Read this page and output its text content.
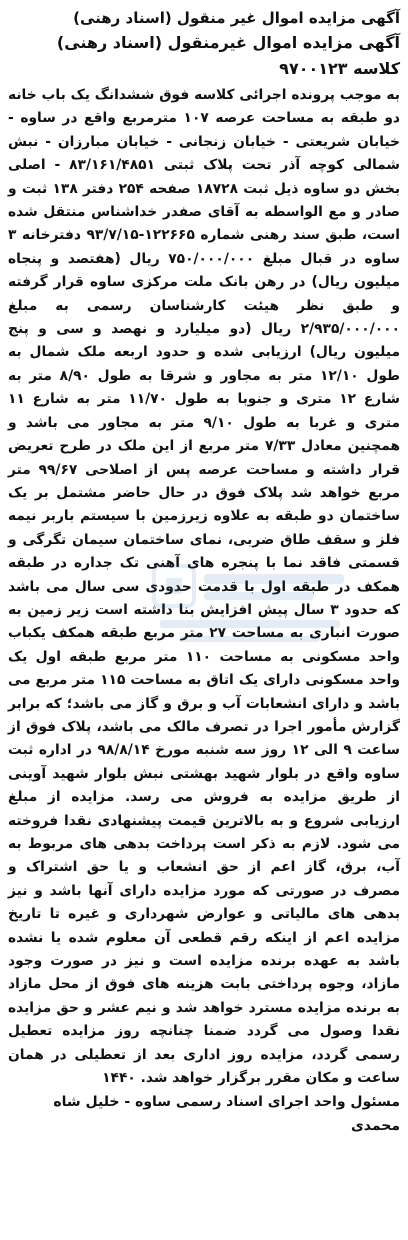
آگهی مزایده اموال غیر منقول (اسناد رهنی)

آگهی مزایده اموال غیرمنقول (اسناد رهنی) کلاسه ۹۷۰۰۱۲۳

به موجب پرونده اجرائی کلاسه فوق ششدانگ یک باب خانه دو طبقه به مساحت عرصه ۱۰۷ مترمربع واقع در ساوه - خیابان شریعتی - خیابان زنجانی - خیابان مبارزان - نبش شمالی کوچه آذر تحت پلاک ثبتی ۸۳/۱۶۱/۴۸۵۱ - اصلی بخش دو ساوه ذیل ثبت ۱۸۷۲۸ صفحه ۲۵۴ دفتر ۱۳۸ ثبت و صادر و مع الواسطه به آقای صفدر خداشناس منتقل شده است، طبق سند رهنی شماره ۱۲۲۶۶۵-۹۳/۷/۱۵ دفترخانه ۳ ساوه در قبال مبلغ ۷۵۰/۰۰۰/۰۰۰ ریال (هفتصد و پنجاه میلیون ریال) در رهن بانک ملت مرکزی ساوه قرار گرفته و طبق نظر هیئت کارشناسان رسمی به مبلغ ۲/۹۳۵/۰۰۰/۰۰۰ ریال (دو میلیارد و نهصد و سی و پنج میلیون ریال) ارزیابی شده و حدود اربعه ملک شمال به طول ۱۲/۱۰ متر به مجاور و شرقا به طول ۸/۹۰ متر به شارع ۱۲ متری و جنوبا به طول ۱۱/۷۰ متر به شارع ۱۱ متری و غربا به طول ۹/۱۰ متر به مجاور می باشد و همچنین معادل ۷/۳۳ متر مربع از این ملک در طرح تعریض قرار داشته و مساحت عرصه پس از اصلاحی ۹۹/۶۷ متر مربع خواهد شد پلاک فوق در حال حاضر مشتمل بر یک ساختمان دو طبقه به علاوه زیرزمین با سیستم باربر نیمه فلز و سقف طاق ضربی، نمای ساختمان سیمان تگرگی و قسمتی فاقد نما با پنجره های آهنی تک جداره در طبقه همکف در طبقه اول با قدمت حدودی سی سال می باشد که حدود ۳ سال پیش افزایش بنا داشته است زیر زمین به صورت انباری به مساحت ۲۷ متر مربع طبقه همکف یکباب واحد مسکونی به مساحت ۱۱۰ متر مربع طبقه اول یک واحد مسکونی دارای یک اتاق به مساحت ۱۱۵ متر مربع می باشد و دارای انشعابات آب و برق و گاز می باشد؛ که برابر گزارش مأمور اجرا در تصرف مالک می باشد، پلاک فوق از ساعت ۹ الی ۱۲ روز سه شنبه مورخ ۹۸/۸/۱۴ در اداره ثبت ساوه واقع در بلوار شهید بهشتی نبش بلوار شهید آوینی از طریق مزایده به فروش می رسد. مزایده از مبلغ ارزیابی شروع و به بالاترین قیمت پیشنهادی نقدا فروخته می شود. لازم به ذکر است پرداخت بدهی های مربوط به آب، برق، گاز اعم از حق انشعاب و یا حق اشتراک و مصرف در صورتی که مورد مزایده دارای آنها باشد و نیز بدهی های مالیاتی و عوارض شهرداری و غیره تا تاریخ مزایده اعم از اینکه رقم قطعی آن معلوم شده یا نشده باشد به عهده برنده مزایده است و نیز در صورت وجود مازاد، وجوه پرداختی بابت هزینه های فوق از محل مازاد به برنده مزایده مسترد خواهد شد و نیم عشر و حق مزایده نقدا وصول می گردد ضمنا چنانچه روز مزایده تعطیل رسمی گردد، مزایده روز اداری بعد از تعطیلی در همان ساعت و مکان مقرر برگزار خواهد شد. ۱۴۴۰

مسئول واحد اجرای اسناد رسمی ساوه - خلیل شاه محمدی
